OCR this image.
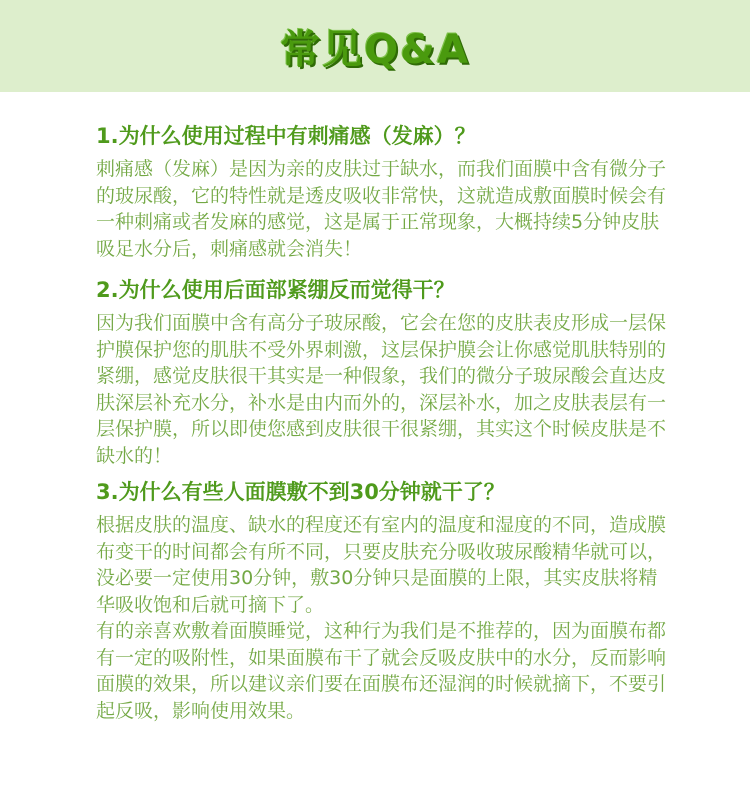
常见Q&A
1.为什么使用过程中有刺痛感（发麻）？

刺痛感（发麻）是因为亲的皮肤过于缺水，而我们面膜中含有微分子的玻尿酸，它的特性就是透皮吸收非常快，这就造成敷面膜时候会有一种刺痛或者发麻的感觉，这是属于正常现象，大概持续5分钟皮肤吸足水分后，刺痛感就会消失！

2.为什么使用后面部紧绷反而觉得干？

因为我们面膜中含有高分子玻尿酸，它会在您的皮肤表皮形成一层保护膜保护您的肌肤不受外界刺激，这层保护膜会让你感觉肌肤特别的紧绷，感觉皮肤很干其实是一种假象，我们的微分子玻尿酸会直达皮肤深层补充水分，补水是由内而外的，深层补水，加之皮肤表层有一层保护膜，所以即使您感到皮肤很干很紧绷，其实这个时候皮肤是不缺水的！

3.为什么有些人面膜敷不到30分钟就干了？

根据皮肤的温度、缺水的程度还有室内的温度和湿度的不同，造成膜布变干的时间都会有所不同，只要皮肤充分吸收玻尿酸精华就可以，没必要一定使用30分钟，敷30分钟只是面膜的上限，其实皮肤将精华吸收饱和后就可摘下了。

有的亲喜欢敷着面膜睡觉，这种行为我们是不推荐的，因为面膜布都有一定的吸附性，如果面膜布干了就会反吸皮肤中的水分，反而影响面膜的效果，所以建议亲们要在面膜布还湿润的时候就摘下，不要引起反吸，影响使用效果。
